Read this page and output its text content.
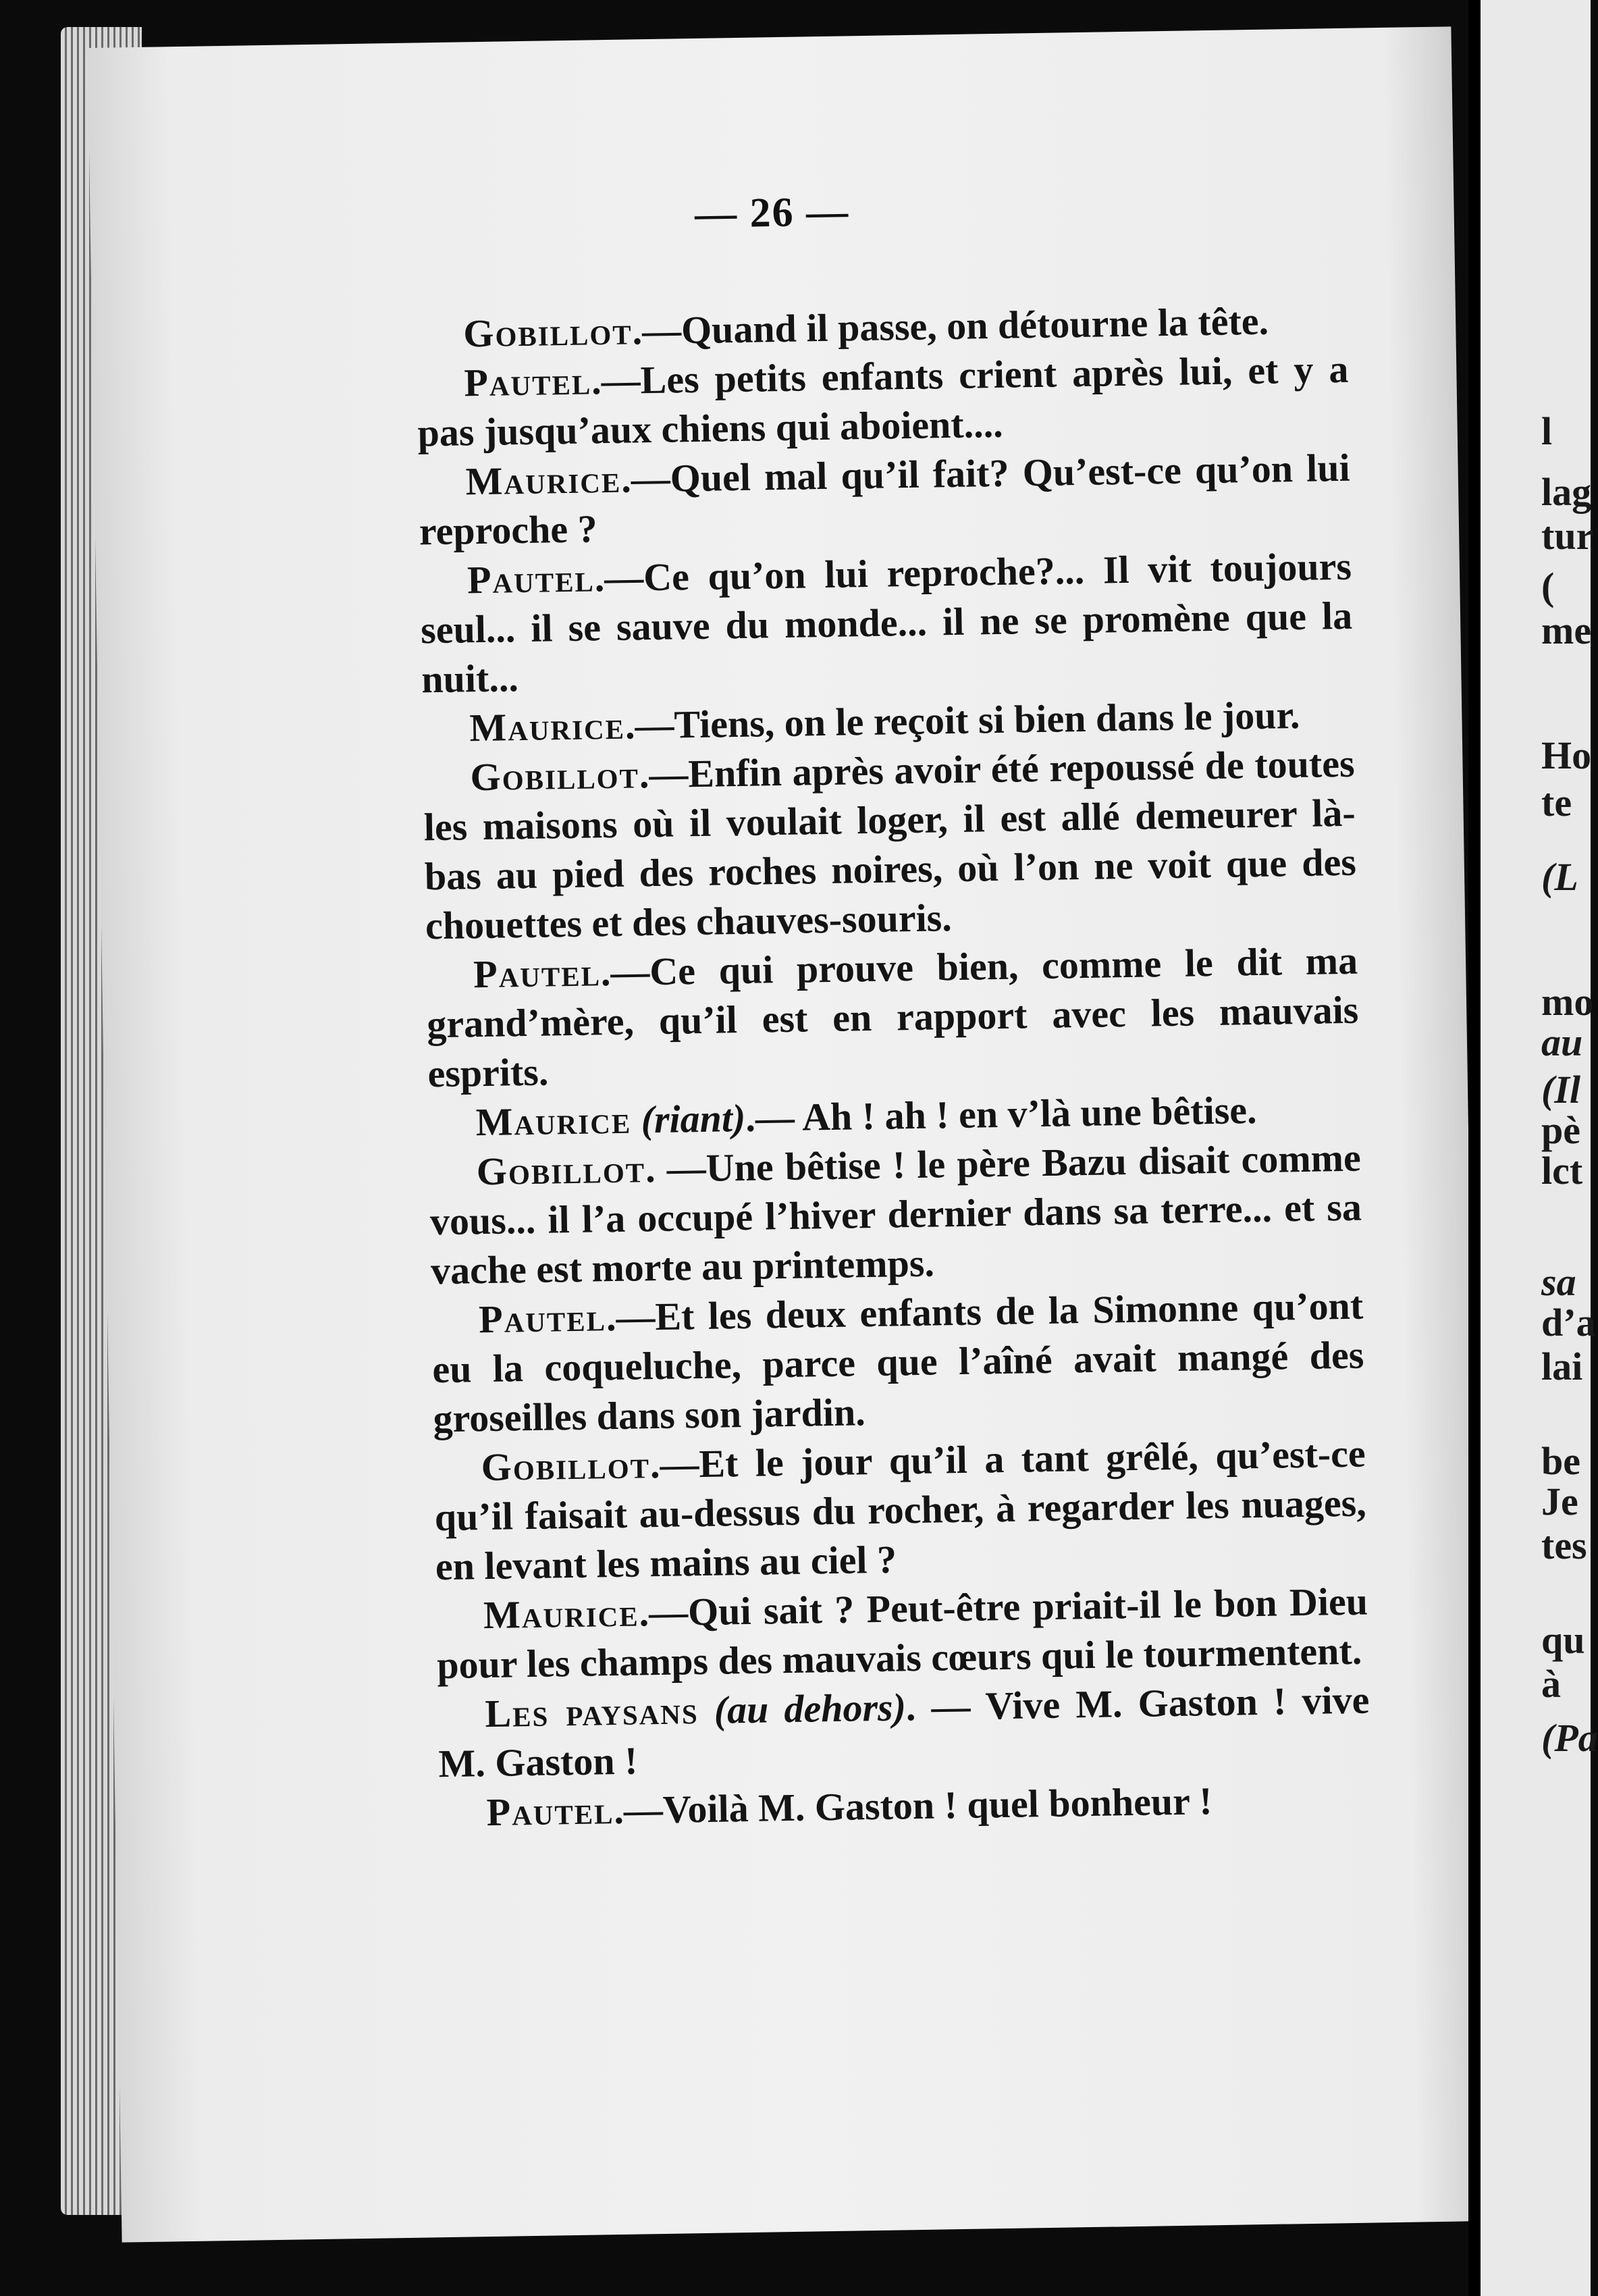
— 26 —

Gobillot.—Quand il passe, on détourne la tête.

Pautel.—Les petits enfants crient après lui, et y a pas jusqu’aux chiens qui aboient....

Maurice.—Quel mal qu’il fait? Qu’est-ce qu’on lui reproche ?

Pautel.—Ce qu’on lui reproche?... Il vit toujours seul... il se sauve du monde... il ne se promène que la nuit...

Maurice.—Tiens, on le reçoit si bien dans le jour.

Gobillot.—Enfin après avoir été repoussé de toutes les maisons où il voulait loger, il est allé demeurer là-bas au pied des roches noires, où l’on ne voit que des chouettes et des chauves-souris.

Pautel.—Ce qui prouve bien, comme le dit ma grand’mère, qu’il est en rapport avec les mauvais esprits.

Maurice (riant).— Ah ! ah ! en v’là une bêtise.

Gobillot. —Une bêtise ! le père Bazu disait comme vous... il l’a occupé l’hiver dernier dans sa terre... et sa vache est morte au printemps.

Pautel.—Et les deux enfants de la Simonne qu’ont eu la coqueluche, parce que l’aîné avait mangé des groseilles dans son jardin.

Gobillot.—Et le jour qu’il a tant grêlé, qu’est-ce qu’il faisait au-dessus du rocher, à regarder les nuages, en levant les mains au ciel ?

Maurice.—Qui sait ? Peut-être priait-il le bon Dieu pour les champs des mauvais cœurs qui le tourmentent.

Les paysans (au dehors). — Vive M. Gaston ! vive M. Gaston !

Pautel.—Voilà M. Gaston ! quel bonheur !

l
lag
tur
(
me
Ho
te
(L
mo
au
(Il
pè
lct
sa
d’a
lai
be
Je
tes
qu
à
(Pa
